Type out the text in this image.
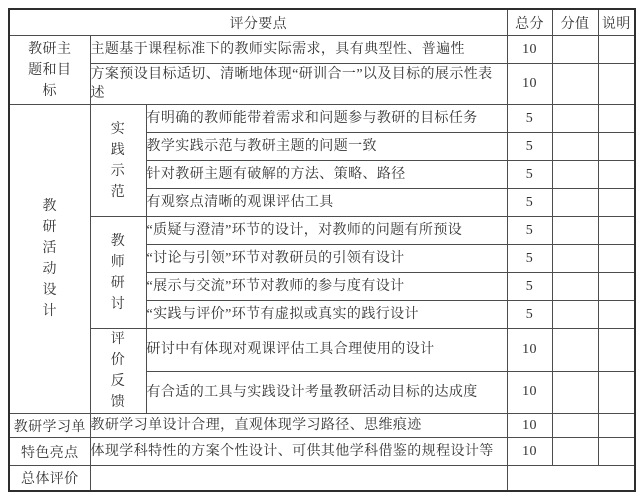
评分要点			总分	分值	说明
教研主题和目标	主题基于课程标准下的教师实际需求，具有典型性、普遍性		10		
	方案预设目标适切、清晰地体现“研训合一”以及目标的展示性表述		10		
教研活动设计	实践示范	有明确的教师能带着需求和问题参与教研的目标任务	5		
		教学实践示范与教研主题的问题一致	5		
		针对教研主题有破解的方法、策略、路径	5		
		有观察点清晰的观课评估工具	5		
	教师研讨	“质疑与澄清”环节的设计，对教师的问题有所预设	5		
		“讨论与引领”环节对教研员的引领有设计	5		
		“展示与交流”环节对教师的参与度有设计	5		
		“实践与评价”环节有虚拟或真实的践行设计	5		
	评价反馈	研讨中有体现对观课评估工具合理使用的设计	10		
		有合适的工具与实践设计考量教研活动目标的达成度	10		
教研学习单	教研学习单设计合理，直观体现学习路径、思维痕迹		10		
特色亮点	体现学科特性的方案个性设计、可供其他学科借鉴的规程设计等		10		
总体评价					
